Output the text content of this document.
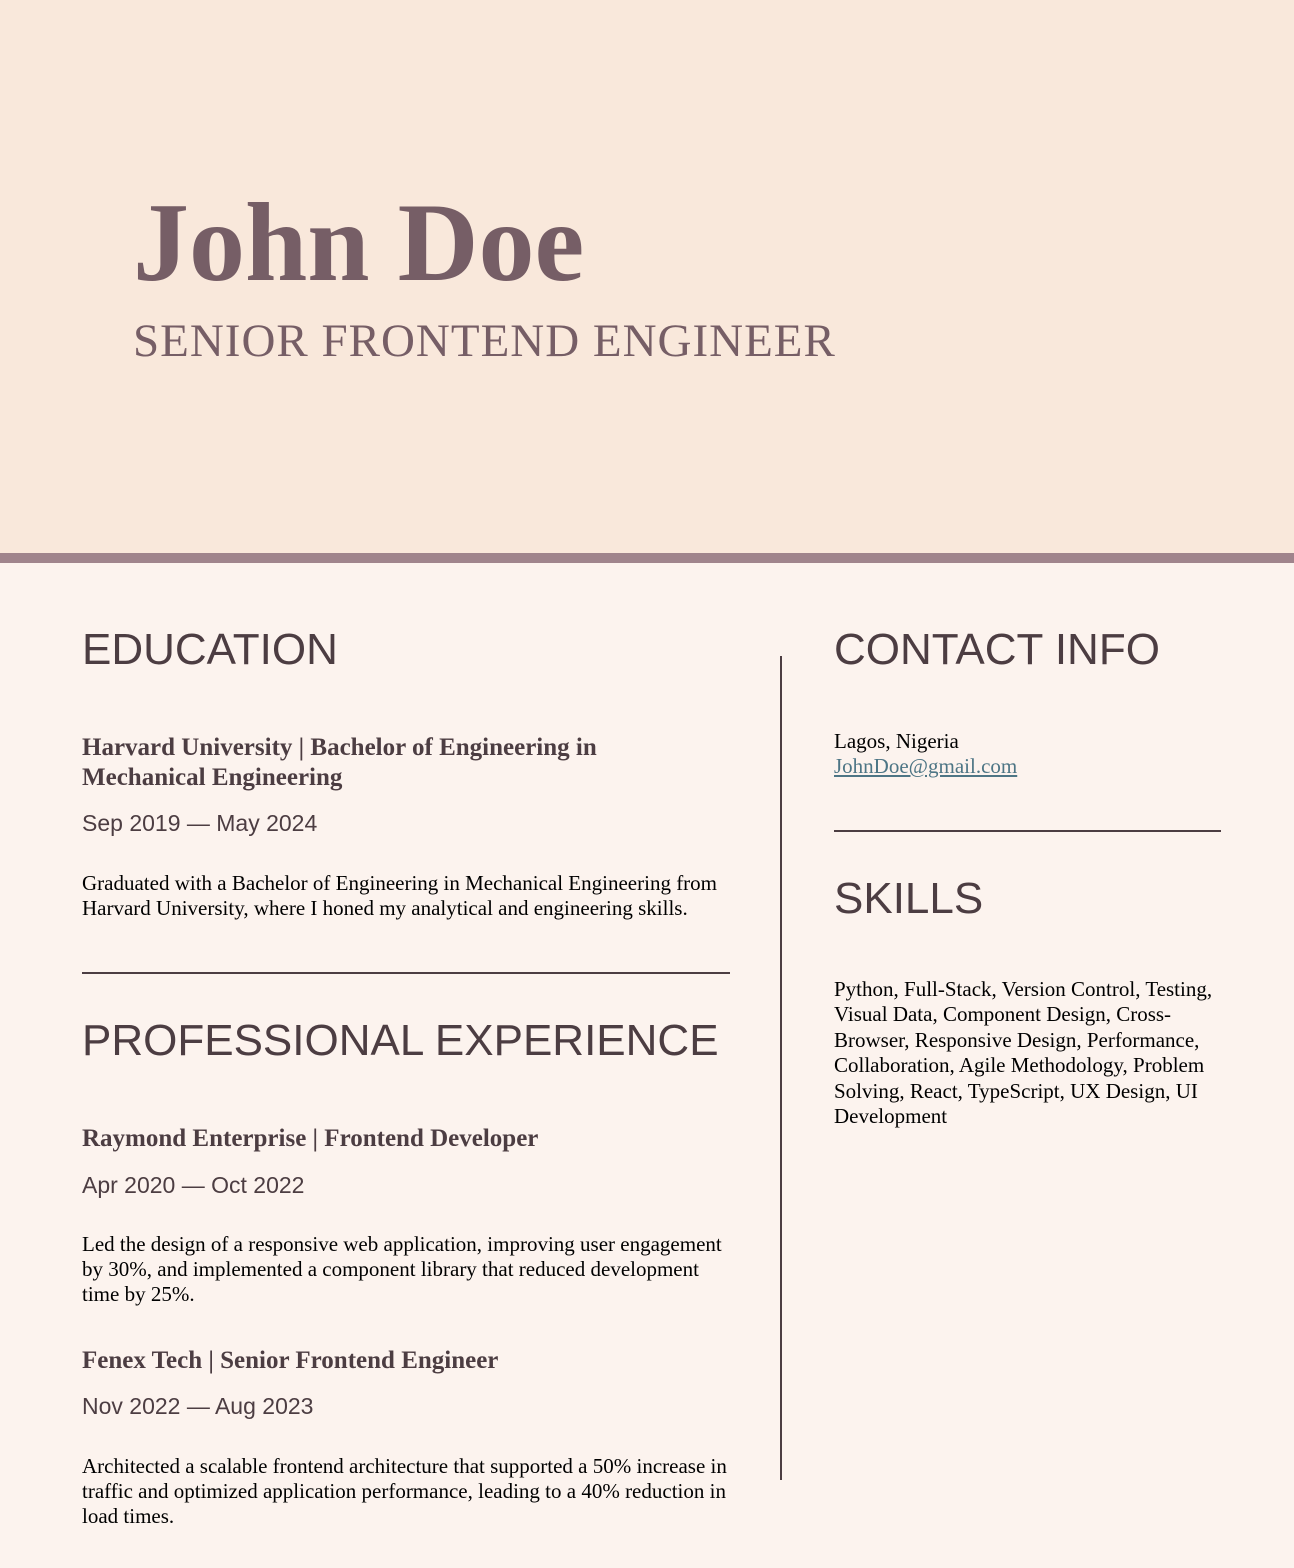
John Doe
SENIOR FRONTEND ENGINEER
EDUCATION
Harvard University | Bachelor of Engineering in Mechanical Engineering
Sep 2019 — May 2024

Graduated with a Bachelor of Engineering in Mechanical Engineering from Harvard University, where I honed my analytical and engineering skills.

PROFESSIONAL EXPERIENCE
Raymond Enterprise | Frontend Developer
Apr 2020 — Oct 2022

Led the design of a responsive web application, improving user engagement by 30%, and implemented a component library that reduced development time by 25%.

Fenex Tech | Senior Frontend Engineer
Nov 2022 — Aug 2023

Architected a scalable frontend architecture that supported a 50% increase in traffic and optimized application performance, leading to a 40% reduction in load times.

CONTACT INFO
Lagos, Nigeria
JohnDoe@gmail.com
SKILLS

Python, Full-Stack, Version Control, Testing, Visual Data, Component Design, Cross-Browser, Responsive Design, Performance, Collaboration, Agile Methodology, Problem Solving, React, TypeScript, UX Design, UI Development
